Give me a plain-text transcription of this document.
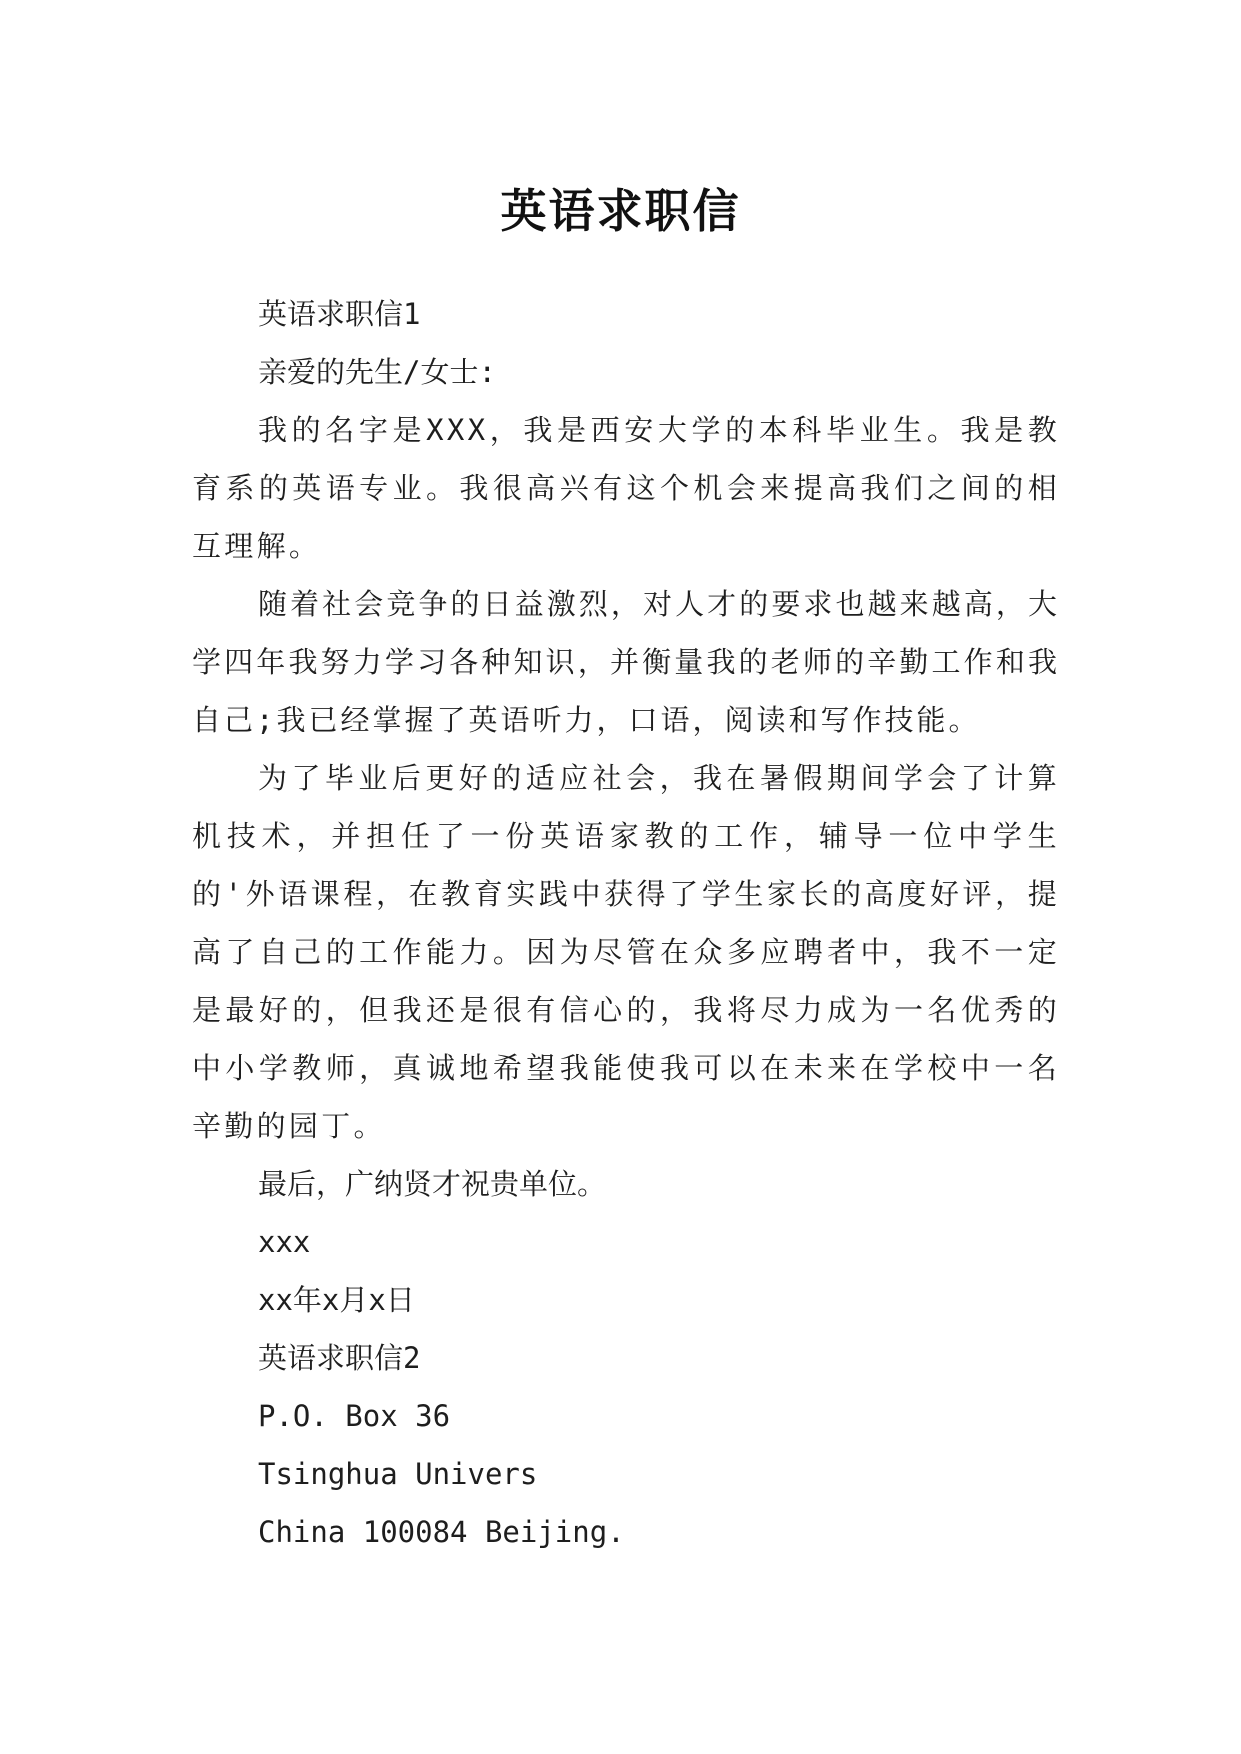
英语求职信

英语求职信1

亲爱的先生/女士:

我的名字是XXX，我是西安大学的本科毕业生。我是教育系的英语专业。我很高兴有这个机会来提高我们之间的相互理解。

随着社会竞争的日益激烈，对人才的要求也越来越高，大学四年我努力学习各种知识，并衡量我的老师的辛勤工作和我自己;我已经掌握了英语听力，口语，阅读和写作技能。

为了毕业后更好的适应社会，我在暑假期间学会了计算机技术，并担任了一份英语家教的工作，辅导一位中学生的'外语课程，在教育实践中获得了学生家长的高度好评，提高了自己的工作能力。因为尽管在众多应聘者中，我不一定是最好的，但我还是很有信心的，我将尽力成为一名优秀的中小学教师，真诚地希望我能使我可以在未来在学校中一名辛勤的园丁。

最后，广纳贤才祝贵单位。

xxx

xx年x月x日

英语求职信2

P.O. Box 36

Tsinghua Univers

China 100084 Beijing.
